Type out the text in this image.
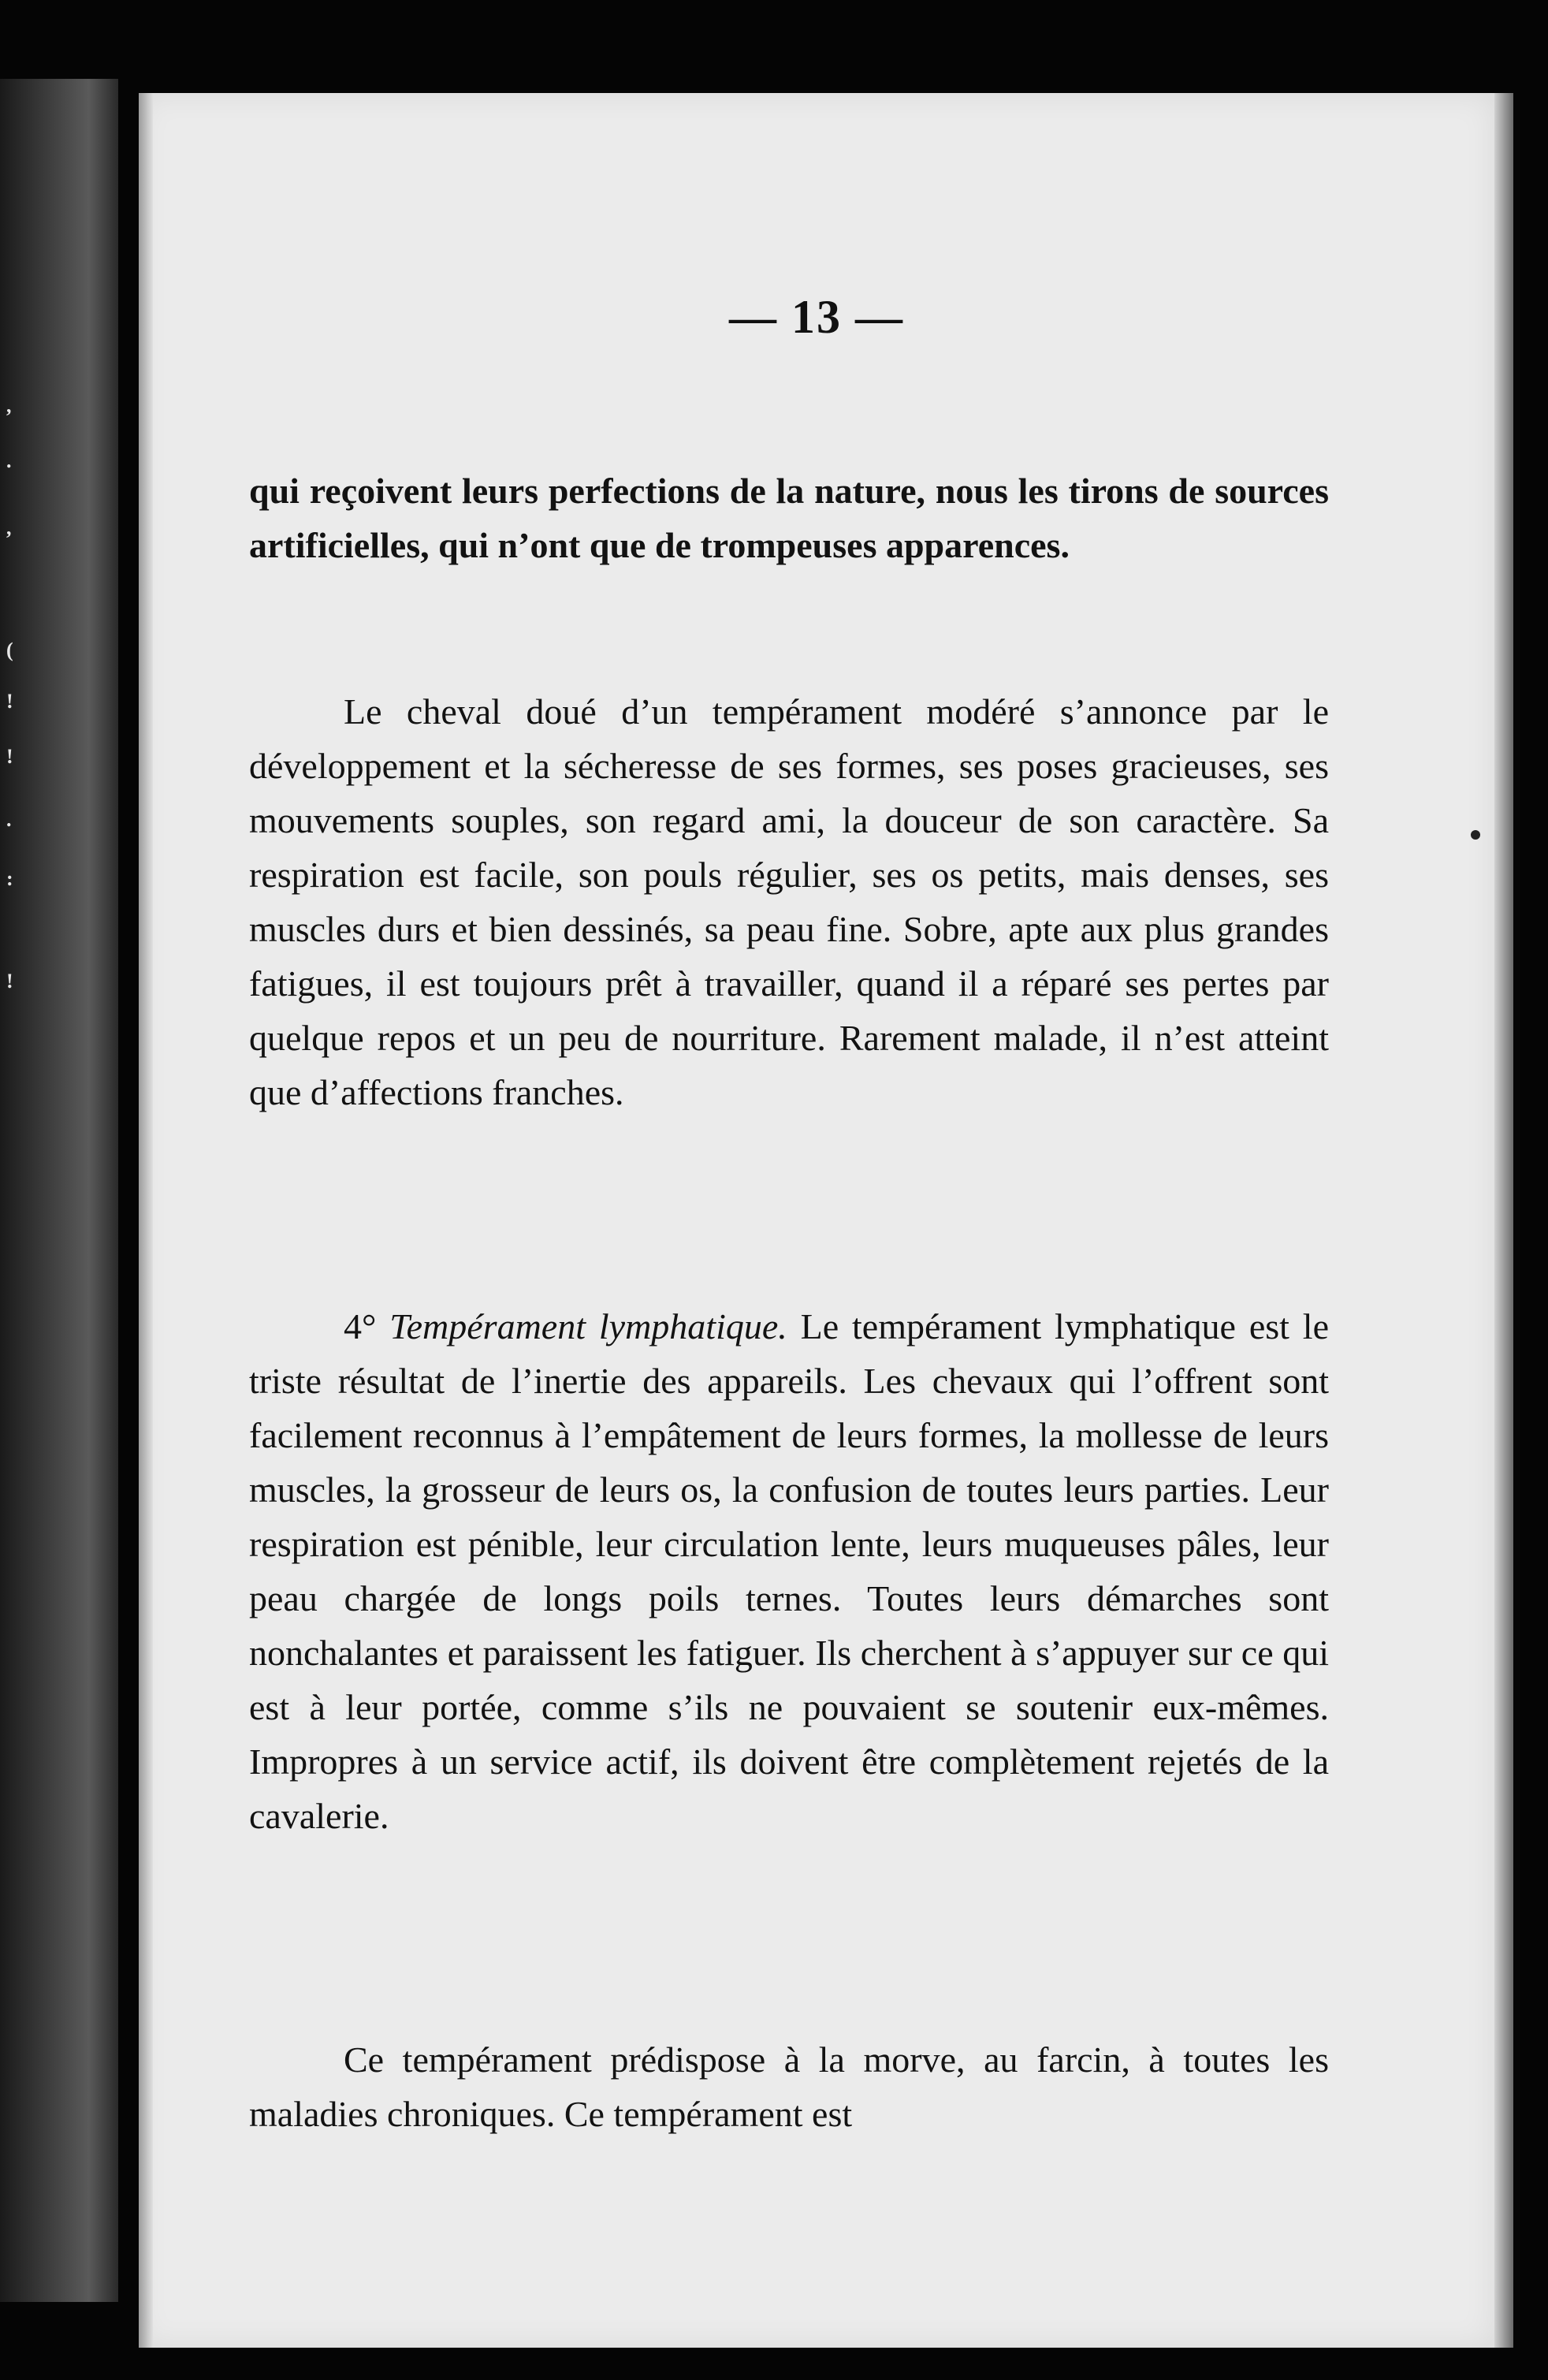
,
.
,
(
!
!
.
:
!
— 13 —

qui reçoivent leurs perfections de la nature, nous les tirons de sources artificielles, qui n’ont que de trompeuses apparences.

Le cheval doué d’un tempérament modéré s’annonce par le développement et la sécheresse de ses formes, ses poses gracieuses, ses mouvements souples, son regard ami, la douceur de son caractère. Sa respiration est facile, son pouls régulier, ses os petits, mais denses, ses muscles durs et bien dessinés, sa peau fine. Sobre, apte aux plus grandes fatigues, il est toujours prêt à travailler, quand il a réparé ses pertes par quelque repos et un peu de nourriture. Rarement malade, il n’est atteint que d’affections franches.

4° Tempérament lymphatique. Le tempérament lymphatique est le triste résultat de l’inertie des appareils. Les chevaux qui l’offrent sont facilement reconnus à l’empâtement de leurs formes, la mollesse de leurs muscles, la grosseur de leurs os, la confusion de toutes leurs parties. Leur respiration est pénible, leur circulation lente, leurs muqueuses pâles, leur peau chargée de longs poils ternes. Toutes leurs démarches sont nonchalantes et paraissent les fatiguer. Ils cherchent à s’appuyer sur ce qui est à leur portée, comme s’ils ne pouvaient se soutenir eux-mêmes. Impropres à un service actif, ils doivent être complètement rejetés de la cavalerie.

Ce tempérament prédispose à la morve, au farcin, à toutes les maladies chroniques. Ce tempérament est
